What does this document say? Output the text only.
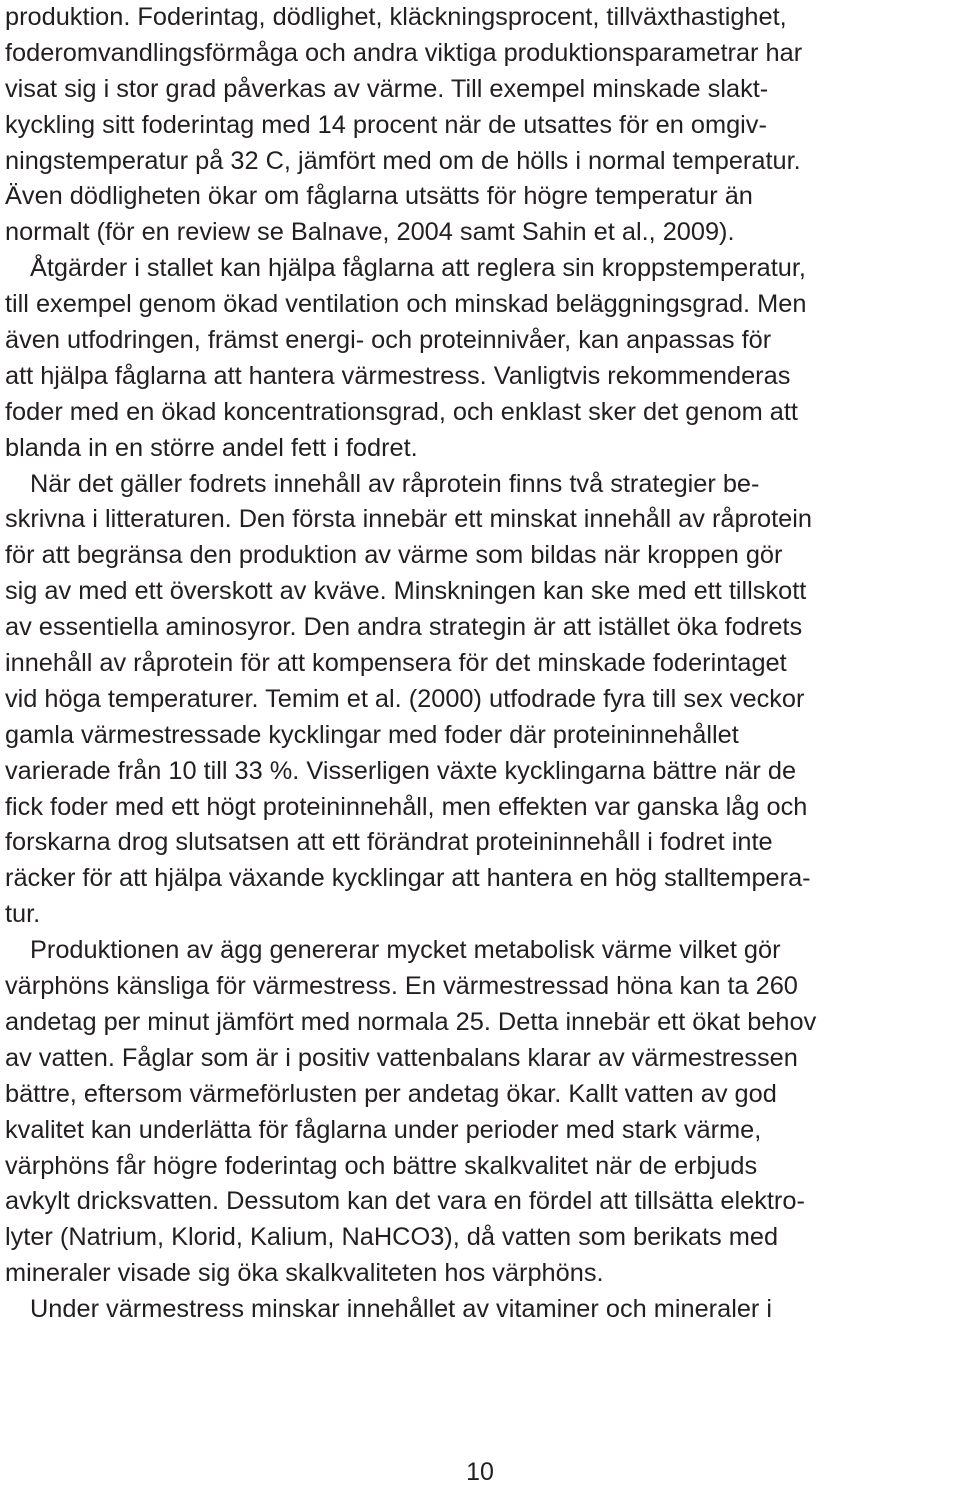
produktion. Foderintag, dödlighet, kläckningsprocent, tillväxthastighet,
foderomvandlingsförmåga och andra viktiga produktionsparametrar har
visat sig i stor grad påverkas av värme. Till exempel minskade slakt-
kyckling sitt foderintag med 14 procent när de utsattes för en omgiv-
ningstemperatur på 32 C, jämfört med om de hölls i normal temperatur.
Även dödligheten ökar om fåglarna utsätts för högre temperatur än
normalt (för en review se Balnave, 2004 samt Sahin et al., 2009).
Åtgärder i stallet kan hjälpa fåglarna att reglera sin kroppstemperatur,
till exempel genom ökad ventilation och minskad beläggningsgrad. Men
även utfodringen, främst energi- och proteinnivåer, kan anpassas för
att hjälpa fåglarna att hantera värmestress. Vanligtvis rekommenderas
foder med en ökad koncentrationsgrad, och enklast sker det genom att
blanda in en större andel fett i fodret.
När det gäller fodrets innehåll av råprotein finns två strategier be-
skrivna i litteraturen. Den första innebär ett minskat innehåll av råprotein
för att begränsa den produktion av värme som bildas när kroppen gör
sig av med ett överskott av kväve. Minskningen kan ske med ett tillskott
av essentiella aminosyror. Den andra strategin är att istället öka fodrets
innehåll av råprotein för att kompensera för det minskade foderintaget
vid höga temperaturer. Temim et al. (2000) utfodrade fyra till sex veckor
gamla värmestressade kycklingar med foder där proteininnehållet
varierade från 10 till 33 %. Visserligen växte kycklingarna bättre när de
fick foder med ett högt proteininnehåll, men effekten var ganska låg och
forskarna drog slutsatsen att ett förändrat proteininnehåll i fodret inte
räcker för att hjälpa växande kycklingar att hantera en hög stalltempera-
tur.
Produktionen av ägg genererar mycket metabolisk värme vilket gör
värphöns känsliga för värmestress. En värmestressad höna kan ta 260
andetag per minut jämfört med normala 25. Detta innebär ett ökat behov
av vatten. Fåglar som är i positiv vattenbalans klarar av värmestressen
bättre, eftersom värmeförlusten per andetag ökar. Kallt vatten av god
kvalitet kan underlätta för fåglarna under perioder med stark värme,
värphöns får högre foderintag och bättre skalkvalitet när de erbjuds
avkylt dricksvatten. Dessutom kan det vara en fördel att tillsätta elektro-
lyter (Natrium, Klorid, Kalium, NaHCO3), då vatten som berikats med
mineraler visade sig öka skalkvaliteten hos värphöns.
Under värmestress minskar innehållet av vitaminer och mineraler i
10
